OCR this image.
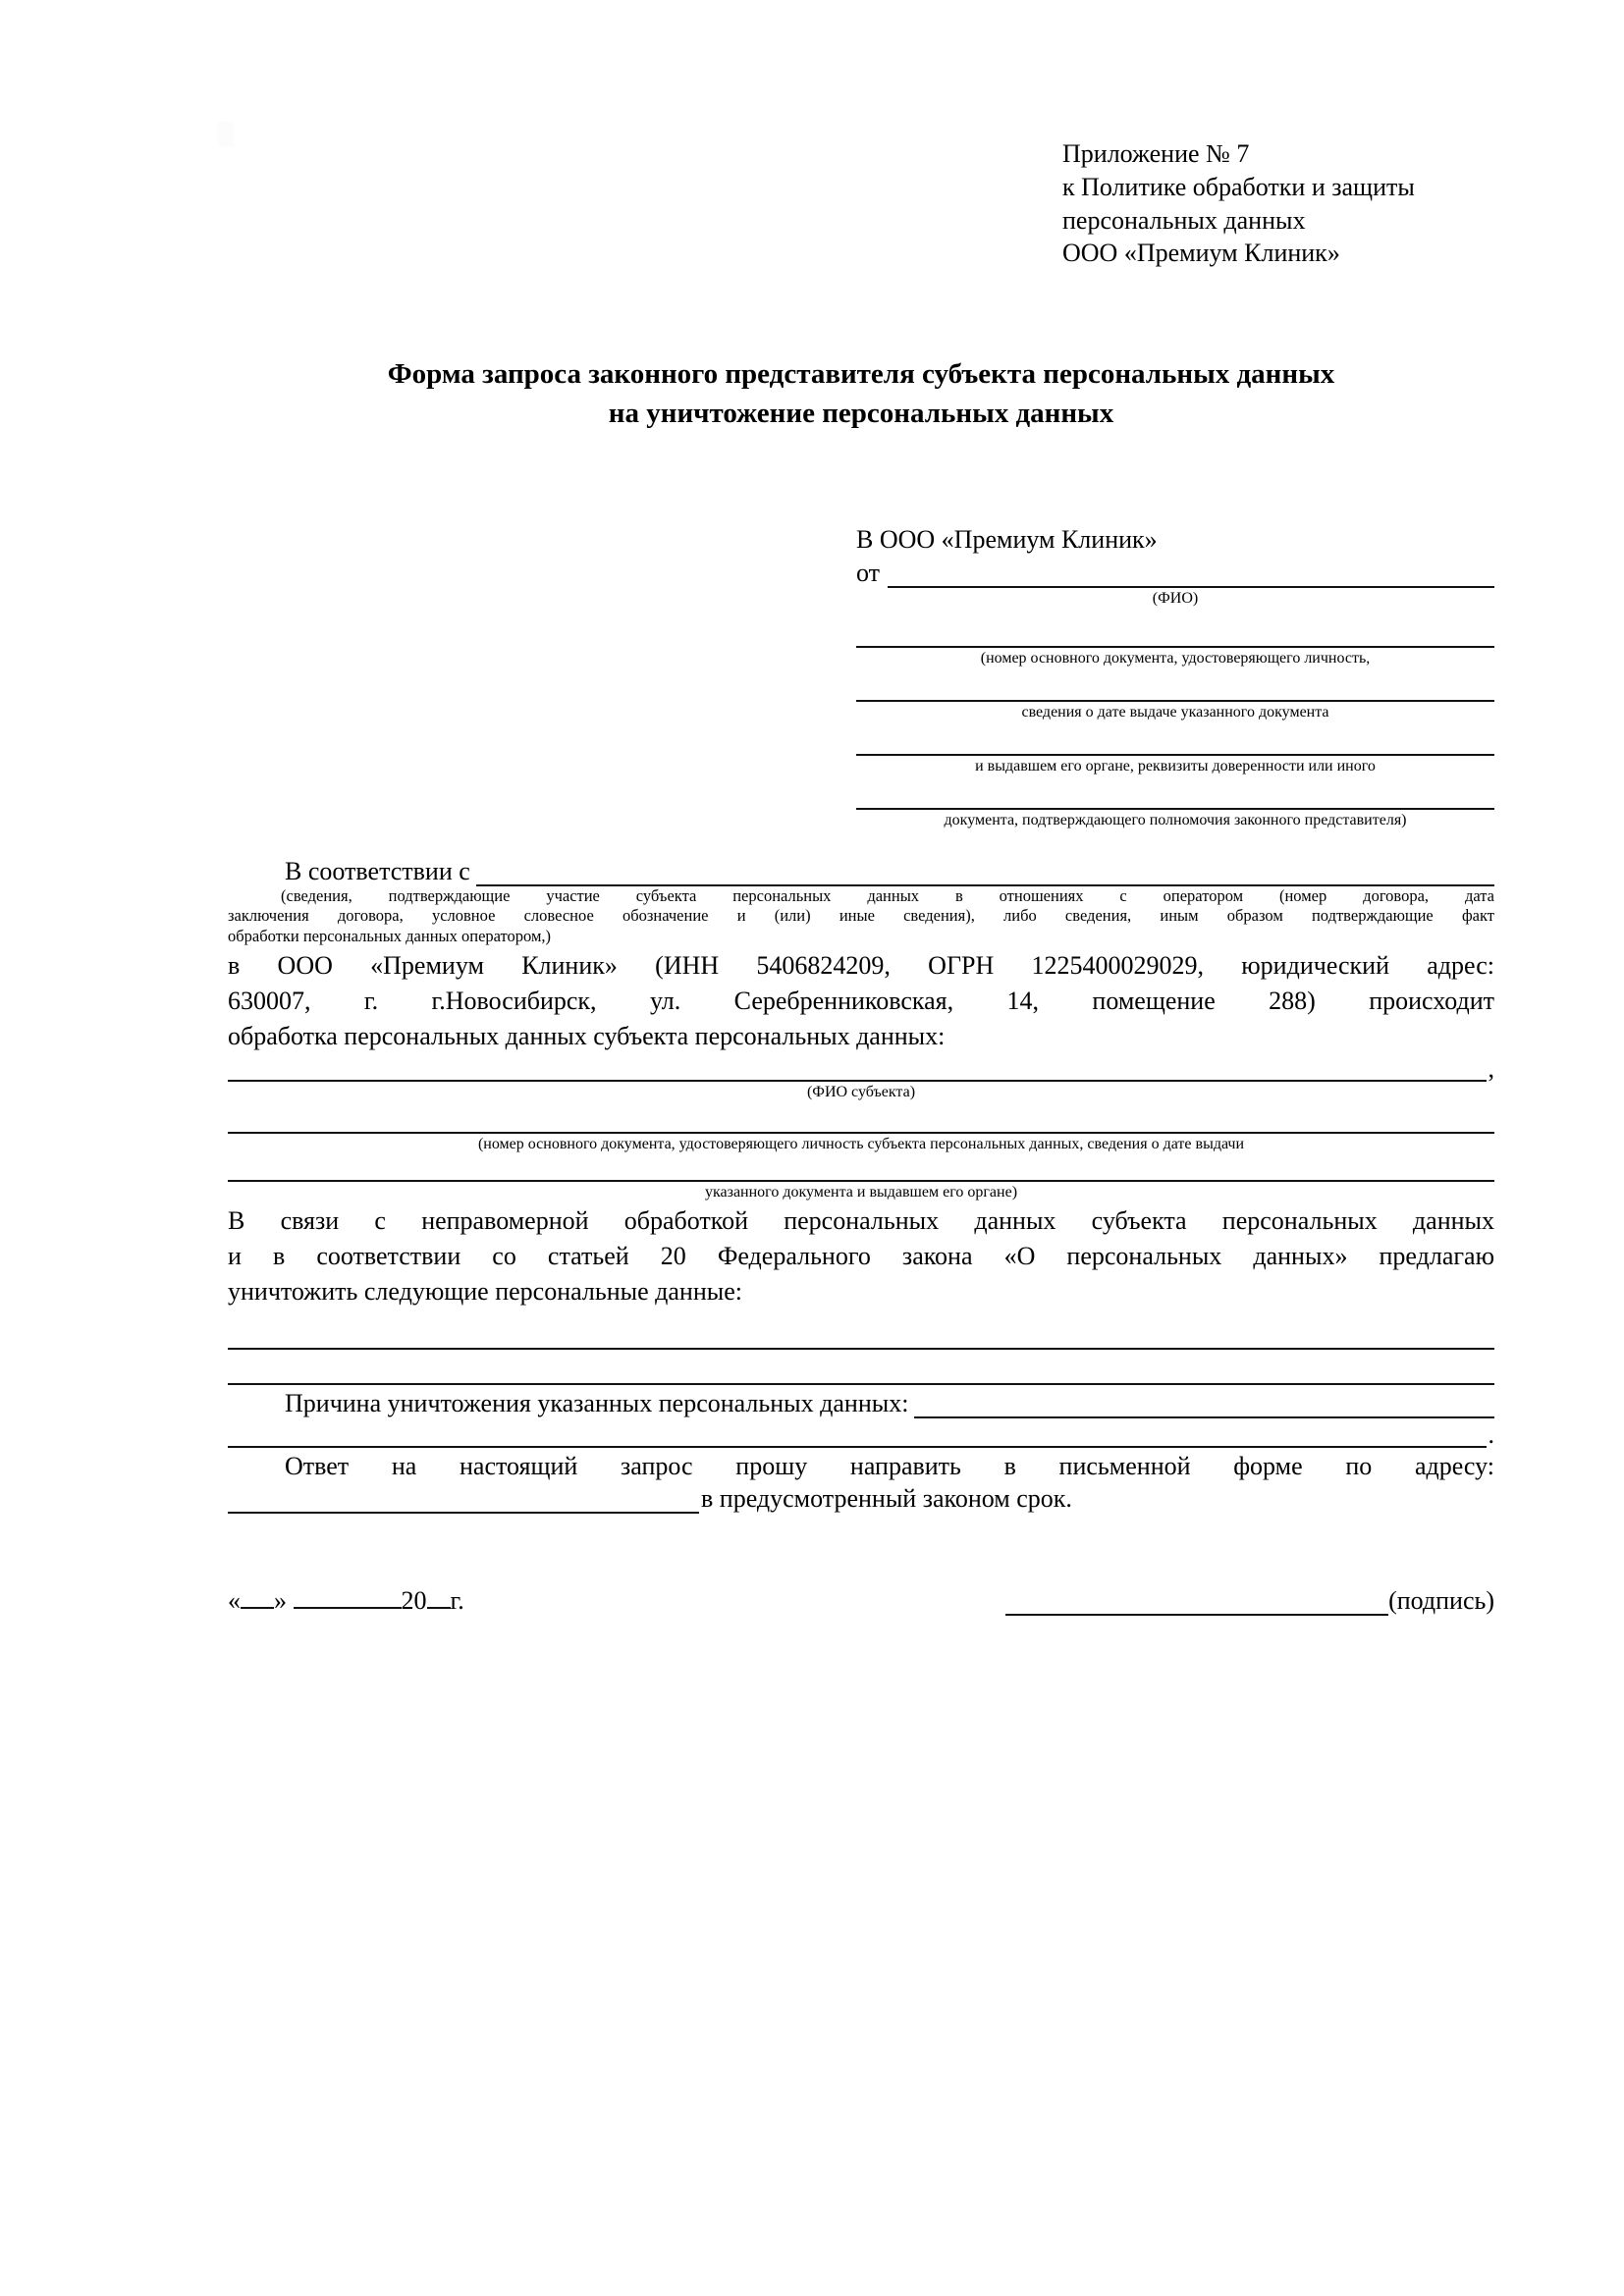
Приложение № 7
к Политике обработки и защиты
персональных данных
ООО «Премиум Клиник»
Форма запроса законного представителя субъекта персональных данных
на уничтожение персональных данных
В ООО «Премиум Клиник»
от
(ФИО)
(номер основного документа, удостоверяющего личность,
сведения о дате выдаче указанного документа
и выдавшем его органе, реквизиты доверенности или иного
документа, подтверждающего полномочия законного представителя)
В соответствии с
(сведения, подтверждающие участие субъекта персональных данных в отношениях с оператором (номер договора, дата
заключения договора, условное словесное обозначение и (или) иные сведения), либо сведения, иным образом подтверждающие факт
обработки персональных данных оператором,)
в ООО «Премиум Клиник» (ИНН 5406824209, ОГРН 1225400029029, юридический адрес:
630007, г. г.Новосибирск, ул. Серебренниковская, 14, помещение 288) происходит
обработка персональных данных субъекта персональных данных:
,
(ФИО субъекта)
(номер основного документа, удостоверяющего личность субъекта персональных данных, сведения о дате выдачи
указанного документа и выдавшем его органе)
В связи с неправомерной обработкой персональных данных субъекта персональных данных
и в соответствии со статьей 20 Федерального закона «О персональных данных» предлагаю
уничтожить следующие персональные данные:
Причина уничтожения указанных персональных данных:
.
Ответ на настоящий запрос прошу направить в письменной форме по адресу:
в предусмотренный законом срок.
« »	20 г.	(подпись)
